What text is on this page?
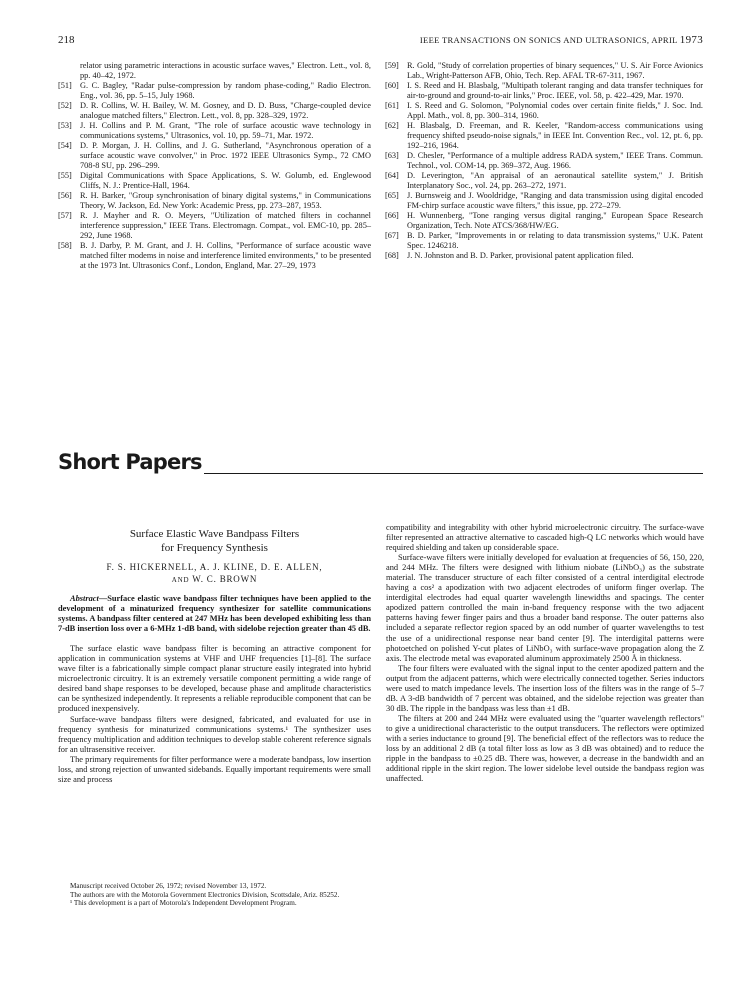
218	IEEE TRANSACTIONS ON SONICS AND ULTRASONICS, APRIL 1973
relator using parametric interactions in acoustic surface waves," Electron. Lett., vol. 8, pp. 40–42, 1972.
[51] G. C. Bagley, "Radar pulse-compression by random phase-coding," Radio Electron. Eng., vol. 36, pp. 5–15, July 1968.
[52] D. R. Collins, W. H. Bailey, W. M. Gosney, and D. D. Buss, "Charge-coupled device analogue matched filters," Electron. Lett., vol. 8, pp. 328–329, 1972.
[53] J. H. Collins and P. M. Grant, "The role of surface acoustic wave technology in communications systems," Ultrasonics, vol. 10, pp. 59–71, Mar. 1972.
[54] D. P. Morgan, J. H. Collins, and J. G. Sutherland, "Asynchronous operation of a surface acoustic wave convolver," in Proc. 1972 IEEE Ultrasonics Symp., 72 CMO 708-8 SU, pp. 296–299.
[55] Digital Communications with Space Applications, S. W. Golumb, ed. Englewood Cliffs, N. J.: Prentice-Hall, 1964.
[56] R. H. Barker, "Group synchronisation of binary digital systems," in Communications Theory, W. Jackson, Ed. New York: Academic Press, pp. 273–287, 1953.
[57] R. J. Mayher and R. O. Meyers, "Utilization of matched filters in cochannel interference suppression," IEEE Trans. Electromagn. Compat., vol. EMC-10, pp. 285–292, June 1968.
[58] B. J. Darby, P. M. Grant, and J. H. Collins, "Performance of surface acoustic wave matched filter modems in noise and interference limited environments," to be presented at the 1973 Int. Ultrasonics Conf., London, England, Mar. 27–29, 1973
[59] R. Gold, "Study of correlation properties of binary sequences," U. S. Air Force Avionics Lab., Wright-Patterson AFB, Ohio, Tech. Rep. AFAL TR-67-311, 1967.
[60] I. S. Reed and H. Blasbalg, "Multipath tolerant ranging and data transfer techniques for air-to-ground and ground-to-air links," Proc. IEEE, vol. 58, p. 422–429, Mar. 1970.
[61] I. S. Reed and G. Solomon, "Polynomial codes over certain finite fields," J. Soc. Ind. Appl. Math., vol. 8, pp. 300–314, 1960.
[62] H. Blasbalg, D. Freeman, and R. Keeler, "Random-access communications using frequency shifted pseudo-noise signals," in IEEE Int. Convention Rec., vol. 12, pt. 6, pp. 192–216, 1964.
[63] D. Chesler, "Performance of a multiple address RADA system," IEEE Trans. Commun. Technol., vol. COM-14, pp. 369–372, Aug. 1966.
[64] D. Leverington, "An appraisal of an aeronautical satellite system," J. British Interplanatory Soc., vol. 24, pp. 263–272, 1971.
[65] J. Burnsweig and J. Wooldridge, "Ranging and data transmission using digital encoded FM-chirp surface acoustic wave filters," this issue, pp. 272–279.
[66] H. Wunnenberg, "Tone ranging versus digital ranging," European Space Research Organization, Tech. Note ATCS/368/HW/EG.
[67] B. D. Parker, "Improvements in or relating to data transmission systems," U.K. Patent Spec. 1246218.
[68] J. N. Johnston and B. D. Parker, provisional patent application filed.
Short Papers
Surface Elastic Wave Bandpass Filters
for Frequency Synthesis
F. S. HICKERNELL, A. J. KLINE, D. E. ALLEN,
AND W. C. BROWN
Abstract—Surface elastic wave bandpass filter techniques have been applied to the development of a minaturized frequency synthesizer for satellite communications systems. A bandpass filter centered at 247 MHz has been developed exhibiting less than 7-dB insertion loss over a 6-MHz 1-dB band, with sidelobe rejection greater than 45 dB.

The surface elastic wave bandpass filter is becoming an attractive component for application in communication systems at VHF and UHF frequencies [1]–[8]. The surface wave filter is a fabricationally simple compact planar structure easily integrated into hybrid microelectronic circuitry. It is an extremely versatile component permitting a wide range of desired band shape responses to be developed, because phase and amplitude characteristics can be synthesized independently. It represents a reliable reproducible component that can be produced inexpensively.

Surface-wave bandpass filters were designed, fabricated, and evaluated for use in frequency synthesis for minaturized communications systems.¹ The synthesizer uses frequency multiplication and addition techniques to develop stable coherent reference signals for an ultrasensitive receiver.

The primary requirements for filter performance were a moderate bandpass, low insertion loss, and strong rejection of unwanted sidebands. Equally important requirements were small size and process

compatibility and integrability with other hybrid microelectronic circuitry. The surface-wave filter represented an attractive alternative to cascaded high-Q LC networks which would have required shielding and taken up considerable space.

Surface-wave filters were initially developed for evaluation at frequencies of 56, 150, 220, and 244 MHz. The filters were designed with lithium niobate (LiNbO₃) as the substrate material. The transducer structure of each filter consisted of a central interdigital electrode having a cos² a apodization with two adjacent electrodes of uniform finger overlap. The interdigital electrodes had equal quarter wavelength linewidths and spacings. The center apodized pattern controlled the main in-band frequency response with the two adjacent patterns having fewer finger pairs and thus a broader band response. The outer patterns also included a separate reflector region spaced by an odd number of quarter wavelengths to test the use of a unidirectional response near band center [9]. The interdigital patterns were photoetched on polished Y-cut plates of LiNbO₃ with surface-wave propagation along the Z axis. The electrode metal was evaporated aluminum approximately 2500 Å in thickness.

The four filters were evaluated with the signal input to the center apodized pattern and the output from the adjacent patterns, which were electrically connected together. Series inductors were used to match impedance levels. The insertion loss of the filters was in the range of 5–7 dB. A 3-dB bandwidth of 7 percent was obtained, and the sidelobe rejection was greater than 30 dB. The ripple in the bandpass was less than ±1 dB.

The filters at 200 and 244 MHz were evaluated using the "quarter wavelength reflectors" to give a unidirectional characteristic to the output transducers. The reflectors were optimized with a series inductance to ground [9]. The beneficial effect of the reflectors was to reduce the loss by an additional 2 dB (a total filter loss as low as 3 dB was obtained) and to reduce the ripple in the bandpass to ±0.25 dB. There was, however, a decrease in the bandwidth and an additional ripple in the skirt region. The lower sidelobe level outside the bandpass region was unaffected.

Manuscript received October 26, 1972; revised November 13, 1972.
The authors are with the Motorola Government Electronics Division, Scottsdale, Ariz. 85252.
¹ This development is a part of Motorola's Independent Development Program.
